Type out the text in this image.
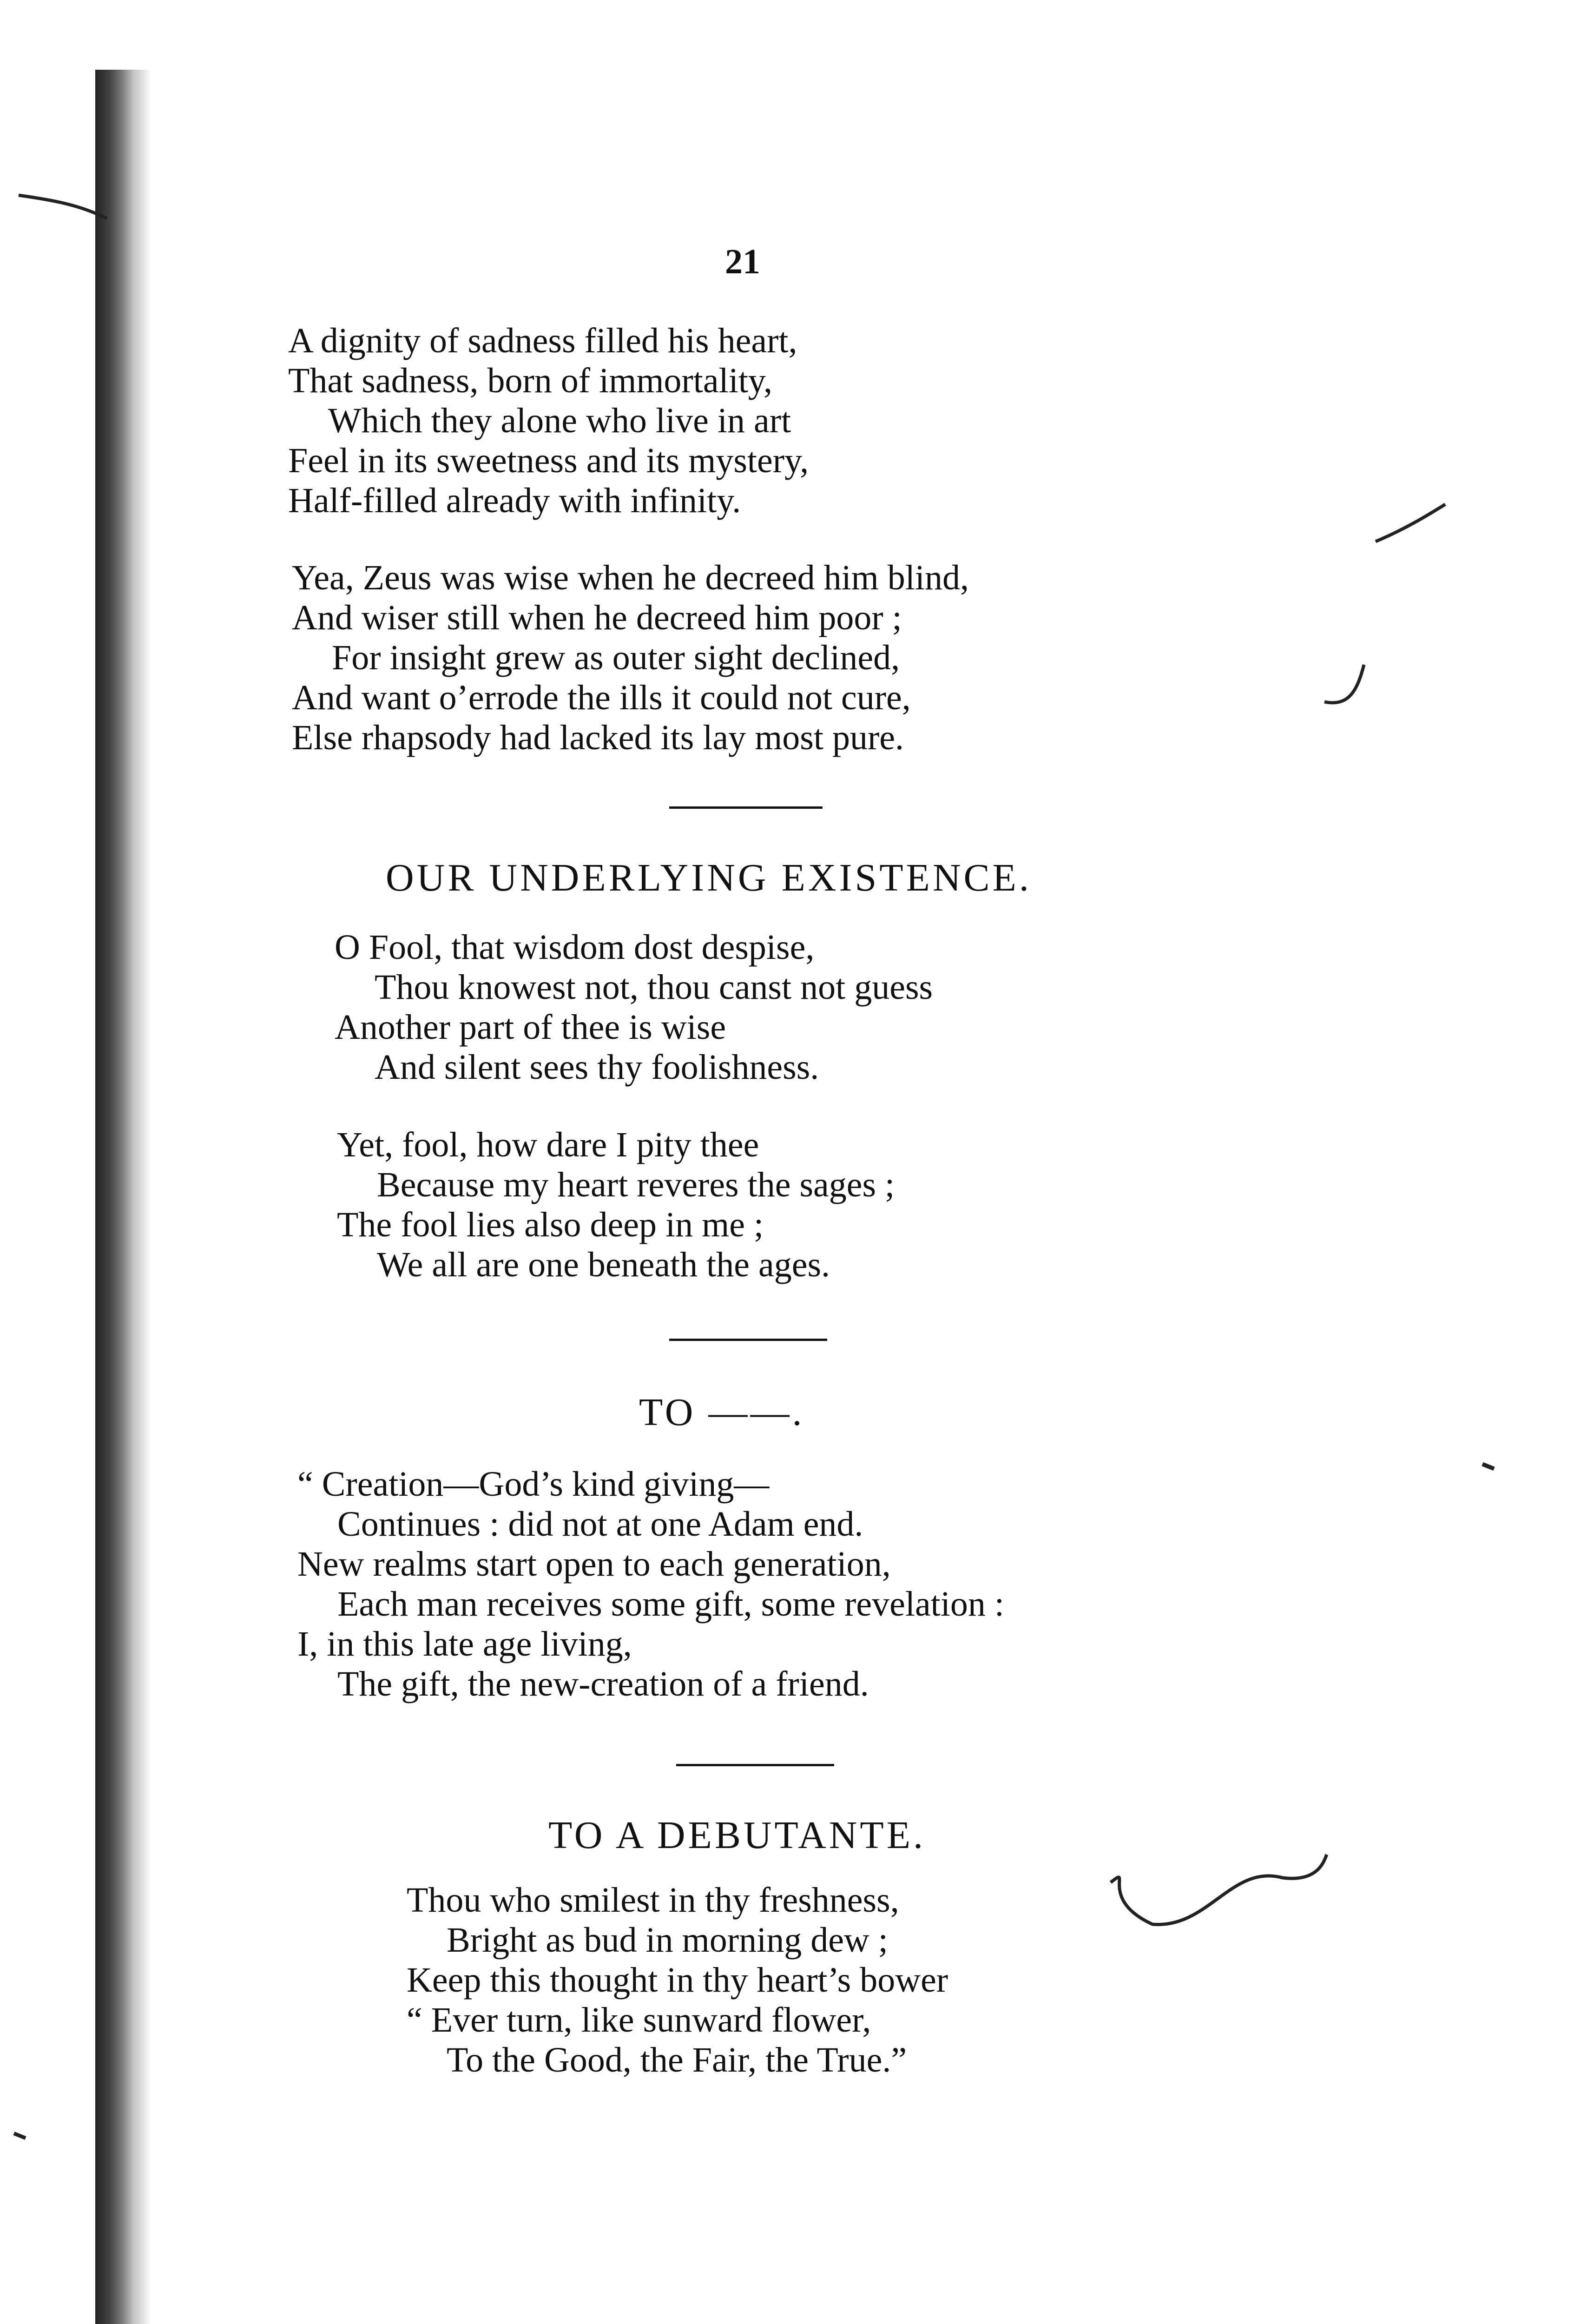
21
A dignity of sadness filled his heart,
That sadness, born of immortality,
Which they alone who live in art
Feel in its sweetness and its mystery,
Half-filled already with infinity.
Yea, Zeus was wise when he decreed him blind,
And wiser still when he decreed him poor ;
For insight grew as outer sight declined,
And want o’errode the ills it could not cure,
Else rhapsody had lacked its lay most pure.
OUR UNDERLYING EXISTENCE.
O Fool, that wisdom dost despise,
Thou knowest not, thou canst not guess
Another part of thee is wise
And silent sees thy foolishness.
Yet, fool, how dare I pity thee
Because my heart reveres the sages ;
The fool lies also deep in me ;
We all are one beneath the ages.
TO ——.
“ Creation—God’s kind giving—
Continues : did not at one Adam end.
New realms start open to each generation,
Each man receives some gift, some revelation :
I, in this late age living,
The gift, the new-creation of a friend.
TO A DEBUTANTE.
Thou who smilest in thy freshness,
Bright as bud in morning dew ;
Keep this thought in thy heart’s bower
“ Ever turn, like sunward flower,
To the Good, the Fair, the True.”
